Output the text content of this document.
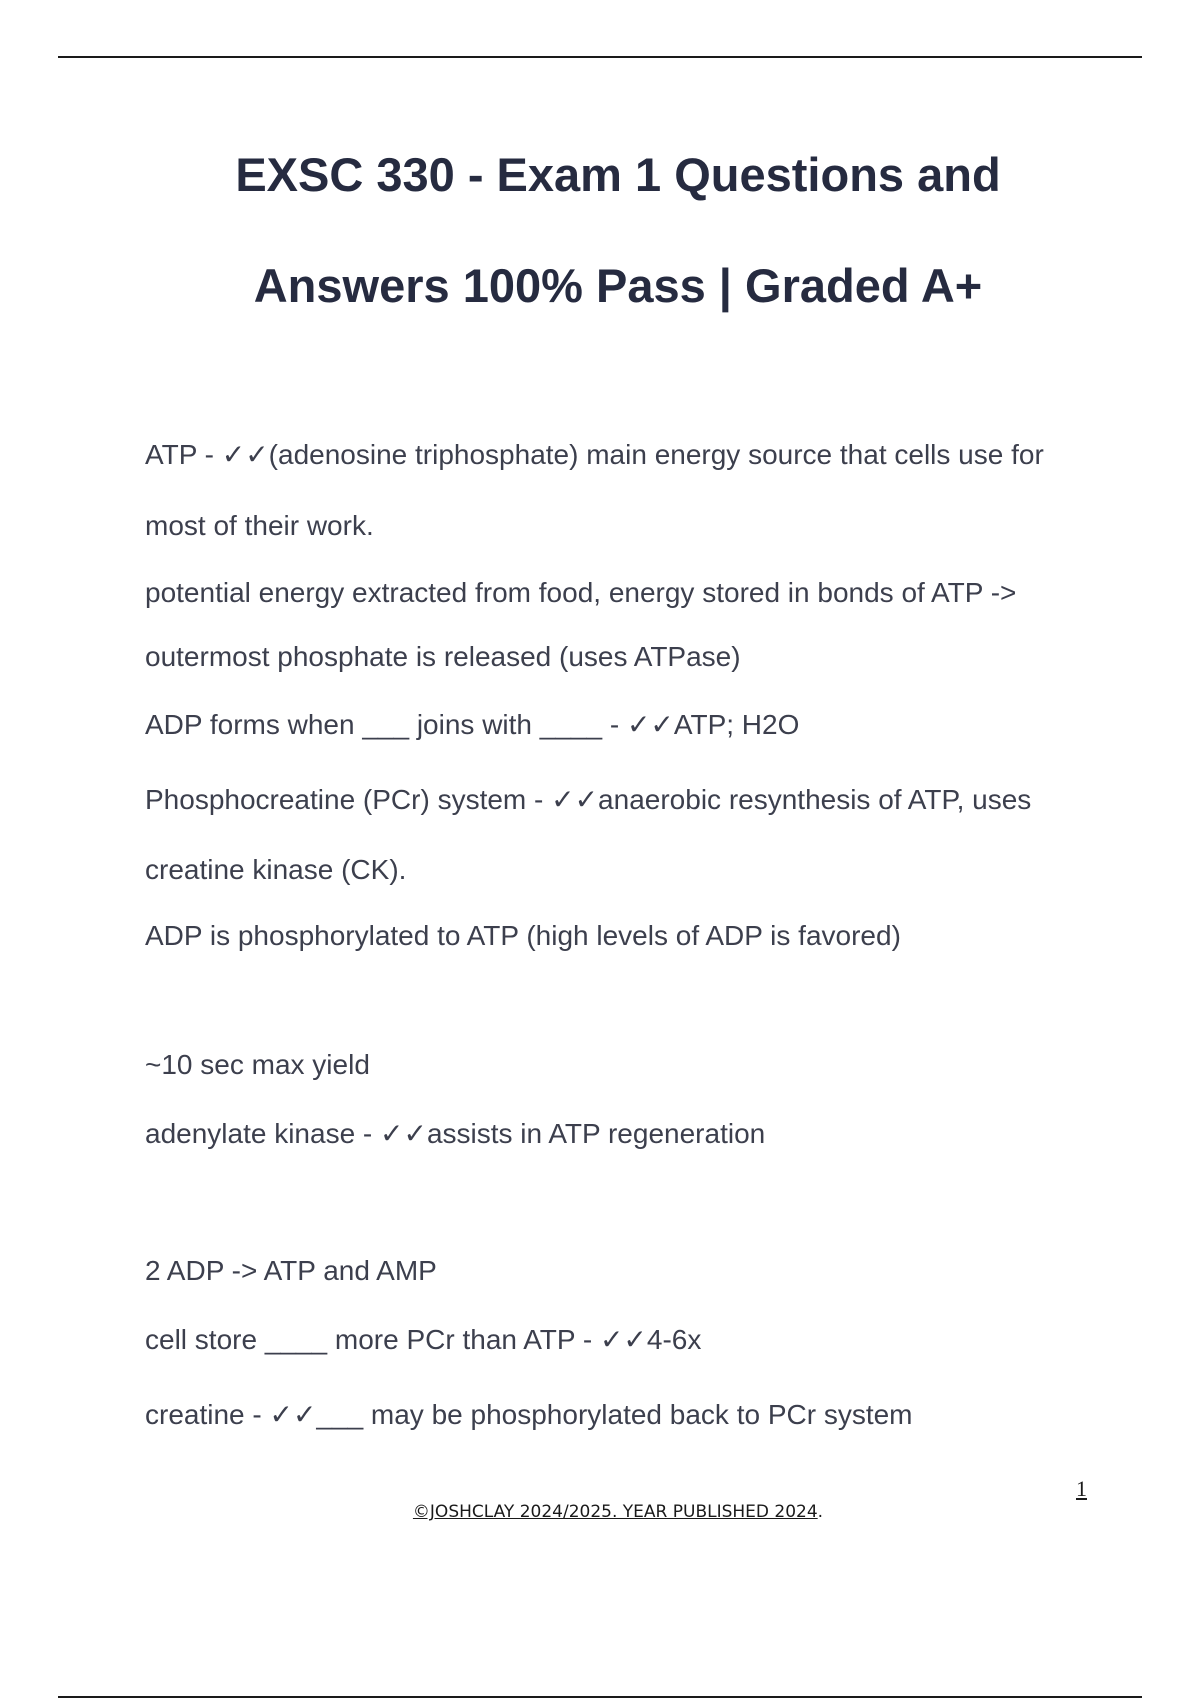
EXSC 330 - Exam 1 Questions and
Answers 100% Pass | Graded A+
ATP - ✓✓(adenosine triphosphate) main energy source that cells use for
most of their work.
potential energy extracted from food, energy stored in bonds of ATP ->
outermost phosphate is released (uses ATPase)
ADP forms when ___ joins with ____ - ✓✓ATP; H2O
Phosphocreatine (PCr) system - ✓✓anaerobic resynthesis of ATP, uses
creatine kinase (CK).
ADP is phosphorylated to ATP (high levels of ADP is favored)
~10 sec max yield
adenylate kinase - ✓✓assists in ATP regeneration
2 ADP -> ATP and AMP
cell store ____ more PCr than ATP - ✓✓4-6x
creatine - ✓✓___ may be phosphorylated back to PCr system
1
©JOSHCLAY 2024/2025. YEAR PUBLISHED 2024.
